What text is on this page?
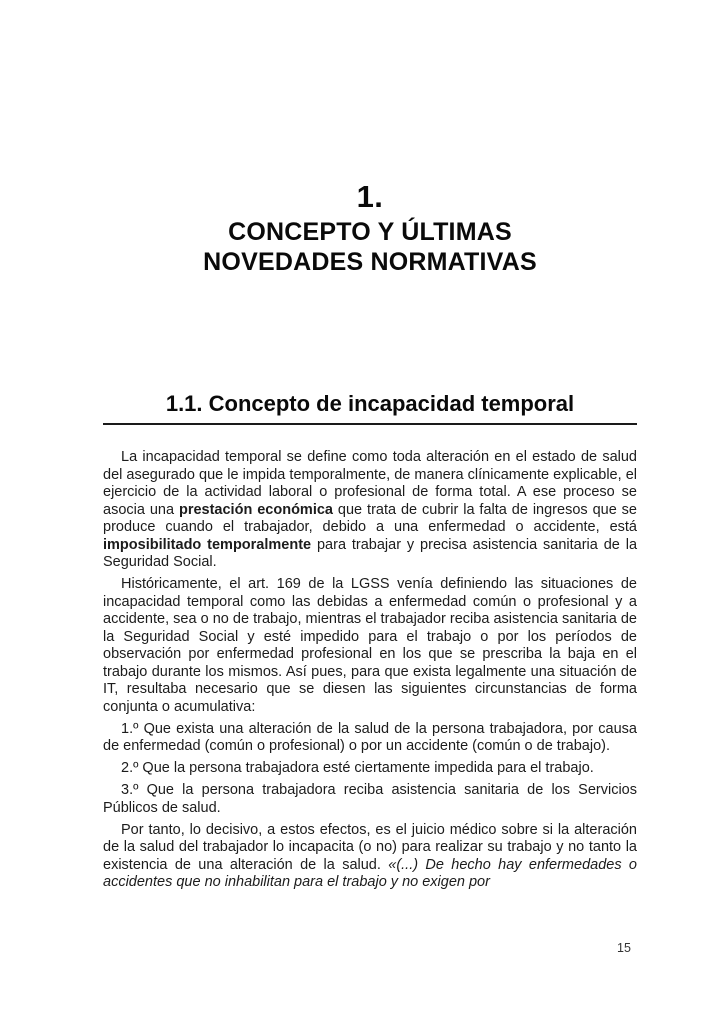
1.
CONCEPTO Y ÚLTIMAS
NOVEDADES NORMATIVAS
1.1. Concepto de incapacidad temporal

La incapacidad temporal se define como toda alteración en el estado de salud del asegurado que le impida temporalmente, de manera clínicamente explicable, el ejercicio de la actividad laboral o profesional de forma total. A ese proceso se asocia una prestación económica que trata de cubrir la falta de ingresos que se produce cuando el trabajador, debido a una enfermedad o accidente, está imposibilitado temporalmente para trabajar y precisa asistencia sanitaria de la Seguridad Social.

Históricamente, el art. 169 de la LGSS venía definiendo las situaciones de incapacidad temporal como las debidas a enfermedad común o profesional y a accidente, sea o no de trabajo, mientras el trabajador reciba asistencia sanitaria de la Seguridad Social y esté impedido para el trabajo o por los períodos de observación por enfermedad profesional en los que se prescriba la baja en el trabajo durante los mismos. Así pues, para que exista legalmente una situación de IT, resultaba necesario que se diesen las siguientes circunstancias de forma conjunta o acumulativa:

1.º Que exista una alteración de la salud de la persona trabajadora, por causa de enfermedad (común o profesional) o por un accidente (común o de trabajo).

2.º Que la persona trabajadora esté ciertamente impedida para el trabajo.

3.º Que la persona trabajadora reciba asistencia sanitaria de los Servicios Públicos de salud.

Por tanto, lo decisivo, a estos efectos, es el juicio médico sobre si la alteración de la salud del trabajador lo incapacita (o no) para realizar su trabajo y no tanto la existencia de una alteración de la salud. «(...) De hecho hay enfermedades o accidentes que no inhabilitan para el trabajo y no exigen por

15
